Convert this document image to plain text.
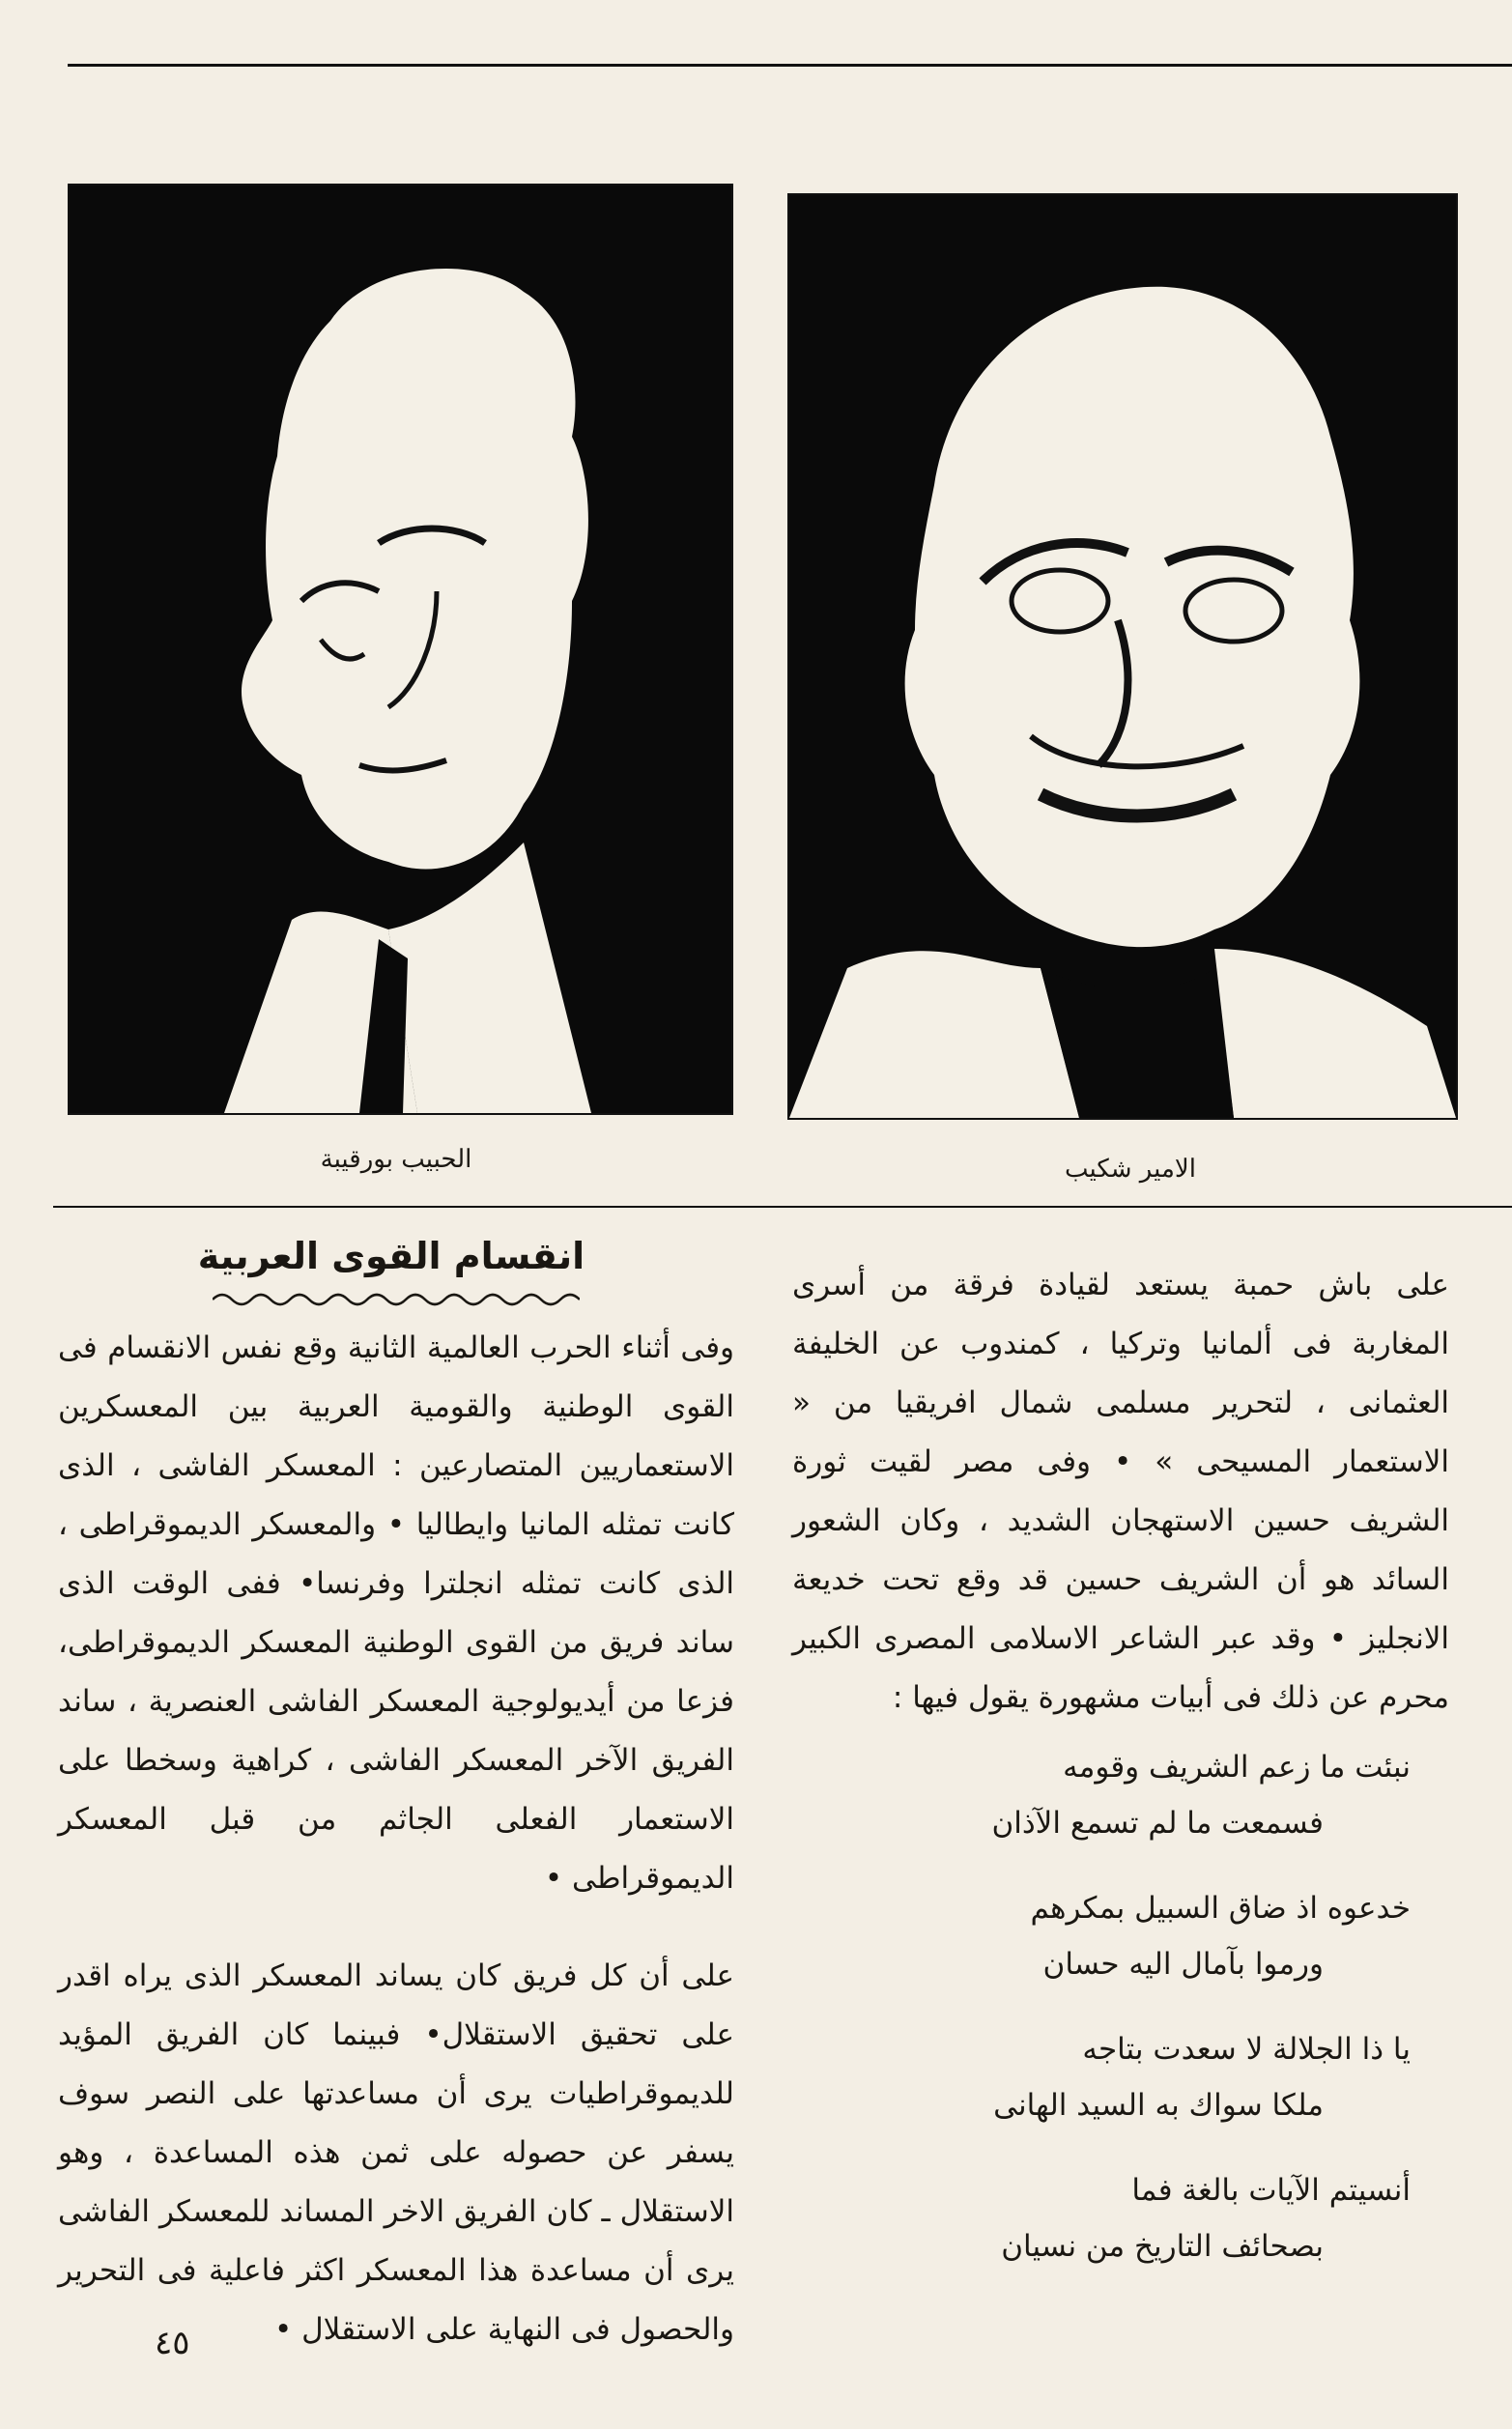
الحبيب بورقيبة	الامير شكيب

على باش حمبة يستعد لقيادة فرقة من أسرى المغاربة فى ألمانيا وتركيا ، كمندوب عن الخليفة العثمانى ، لتحرير مسلمى شمال افريقيا من « الاستعمار المسيحى » • وفى مصر لقيت ثورة الشريف حسين الاستهجان الشديد ، وكان الشعور السائد هو أن الشريف حسين قد وقع تحت خديعة الانجليز • وقد عبر الشاعر الاسلامى المصرى الكبير محرم عن ذلك فى أبيات مشهورة يقول فيها :

نبئت ما زعم الشريف وقومه
فسمعت ما لم تسمع الآذان
خدعوه اذ ضاق السبيل بمكرهم
ورموا بآمال اليه حسان
يا ذا الجلالة لا سعدت بتاجه
ملكا سواك به السيد الهانى
أنسيتم الآيات بالغة فما
بصحائف التاريخ من نسيان
انقسام القوى العربية

وفى أثناء الحرب العالمية الثانية وقع نفس الانقسام فى القوى الوطنية والقومية العربية بين المعسكرين الاستعماريين المتصارعين : المعسكر الفاشى ، الذى كانت تمثله المانيا وايطاليا • والمعسكر الديموقراطى ، الذى كانت تمثله انجلترا وفرنسا• ففى الوقت الذى ساند فريق من القوى الوطنية المعسكر الديموقراطى، فزعا من أيديولوجية المعسكر الفاشى العنصرية ، ساند الفريق الآخر المعسكر الفاشى ، كراهية وسخطا على الاستعمار الفعلى الجاثم من قبل المعسكر الديموقراطى •

على أن كل فريق كان يساند المعسكر الذى يراه اقدر على تحقيق الاستقلال• فبينما كان الفريق المؤيد للديموقراطيات يرى أن مساعدتها على النصر سوف يسفر عن حصوله على ثمن هذه المساعدة ، وهو الاستقلال ـ كان الفريق الاخر المساند للمعسكر الفاشى يرى أن مساعدة هذا المعسكر اكثر فاعلية فى التحرير والحصول فى النهاية على الاستقلال •

٤٥
